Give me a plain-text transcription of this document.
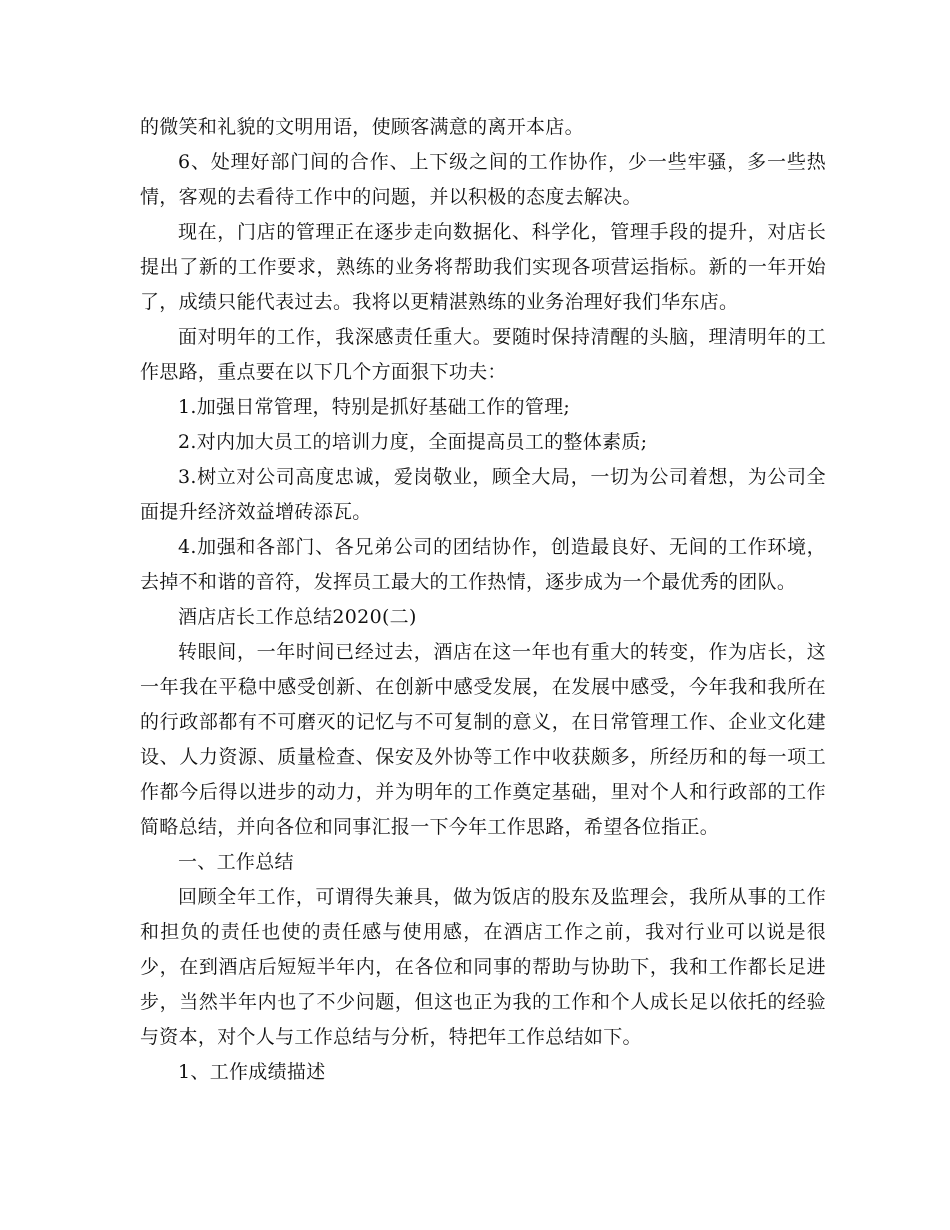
的微笑和礼貌的文明用语，使顾客满意的离开本店。

6、处理好部门间的合作、上下级之间的工作协作，少一些牢骚，多一些热情，客观的去看待工作中的问题，并以积极的态度去解决。

现在，门店的管理正在逐步走向数据化、科学化，管理手段的提升，对店长提出了新的工作要求，熟练的业务将帮助我们实现各项营运指标。新的一年开始了，成绩只能代表过去。我将以更精湛熟练的业务治理好我们华东店。

面对明年的工作，我深感责任重大。要随时保持清醒的头脑，理清明年的工作思路，重点要在以下几个方面狠下功夫：

1.加强日常管理，特别是抓好基础工作的管理;

2.对内加大员工的培训力度，全面提高员工的整体素质;

3.树立对公司高度忠诚，爱岗敬业，顾全大局，一切为公司着想，为公司全面提升经济效益增砖添瓦。

4.加强和各部门、各兄弟公司的团结协作，创造最良好、无间的工作环境，去掉不和谐的音符，发挥员工最大的工作热情，逐步成为一个最优秀的团队。

酒店店长工作总结2020(二)

转眼间，一年时间已经过去，酒店在这一年也有重大的转变，作为店长，这一年我在平稳中感受创新、在创新中感受发展，在发展中感受，今年我和我所在的行政部都有不可磨灭的记忆与不可复制的意义，在日常管理工作、企业文化建设、人力资源、质量检查、保安及外协等工作中收获颇多，所经历和的每一项工作都今后得以进步的动力，并为明年的工作奠定基础，里对个人和行政部的工作简略总结，并向各位和同事汇报一下今年工作思路，希望各位指正。

一、工作总结

回顾全年工作，可谓得失兼具，做为饭店的股东及监理会，我所从事的工作和担负的责任也使的责任感与使用感，在酒店工作之前，我对行业可以说是很少，在到酒店后短短半年内，在各位和同事的帮助与协助下，我和工作都长足进步，当然半年内也了不少问题，但这也正为我的工作和个人成长足以依托的经验与资本，对个人与工作总结与分析，特把年工作总结如下。

1、工作成绩描述
